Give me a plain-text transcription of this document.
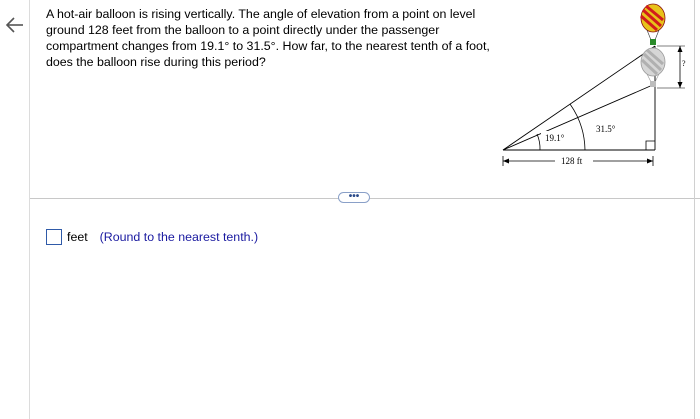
A hot-air balloon is rising vertically. The angle of elevation from a point on level ground 128 feet from the balloon to a point directly under the passenger compartment changes from 19.1° to 31.5°. How far, to the nearest tenth of a foot, does the balloon rise during this period?
19.1°
31.5°
128 ft
?
•••
feet (Round to the nearest tenth.)
